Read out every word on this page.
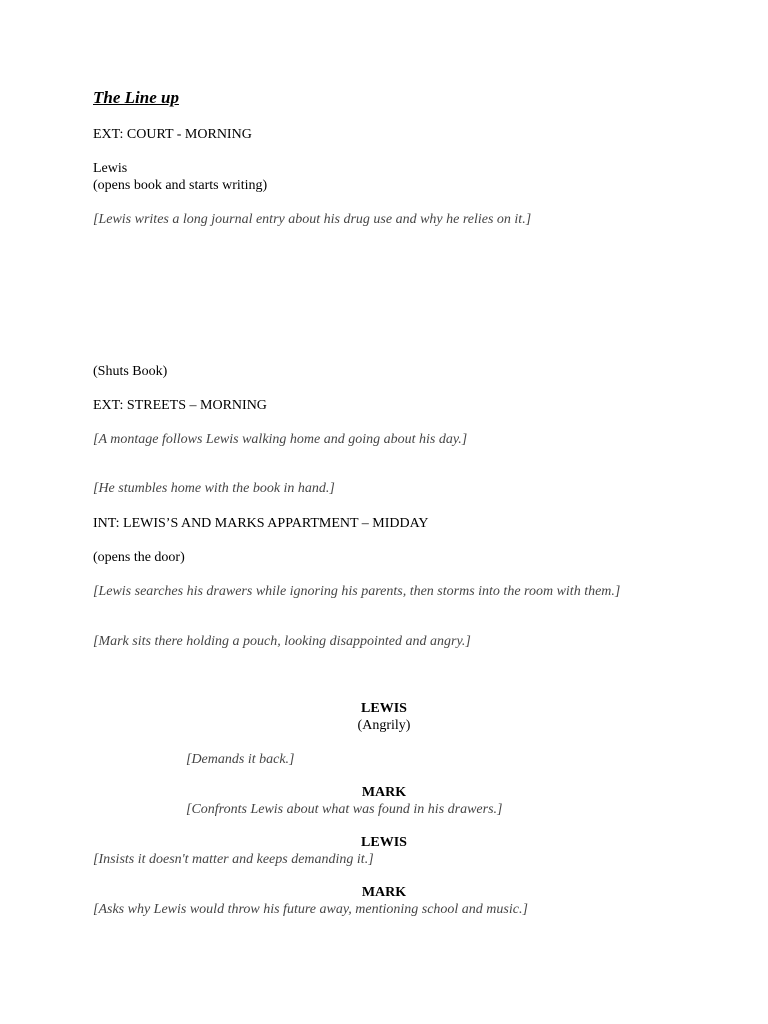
The Line up

EXT: COURT - MORNING

Lewis

(opens book and starts writing)

[Lewis writes a long journal entry about his drug use and why he relies on it.]

(Shuts Book)

EXT: STREETS – MORNING

[A montage follows Lewis walking home and going about his day.]

[He stumbles home with the book in hand.]

INT: LEWIS’S AND MARKS APPARTMENT – MIDDAY

(opens the door)

[Lewis searches his drawers while ignoring his parents, then storms into the room with them.]

[Mark sits there holding a pouch, looking disappointed and angry.]

LEWIS

(Angrily)

[Demands it back.]

MARK

[Confronts Lewis about what was found in his drawers.]

LEWIS

[Insists it doesn't matter and keeps demanding it.]

MARK

[Asks why Lewis would throw his future away, mentioning school and music.]
